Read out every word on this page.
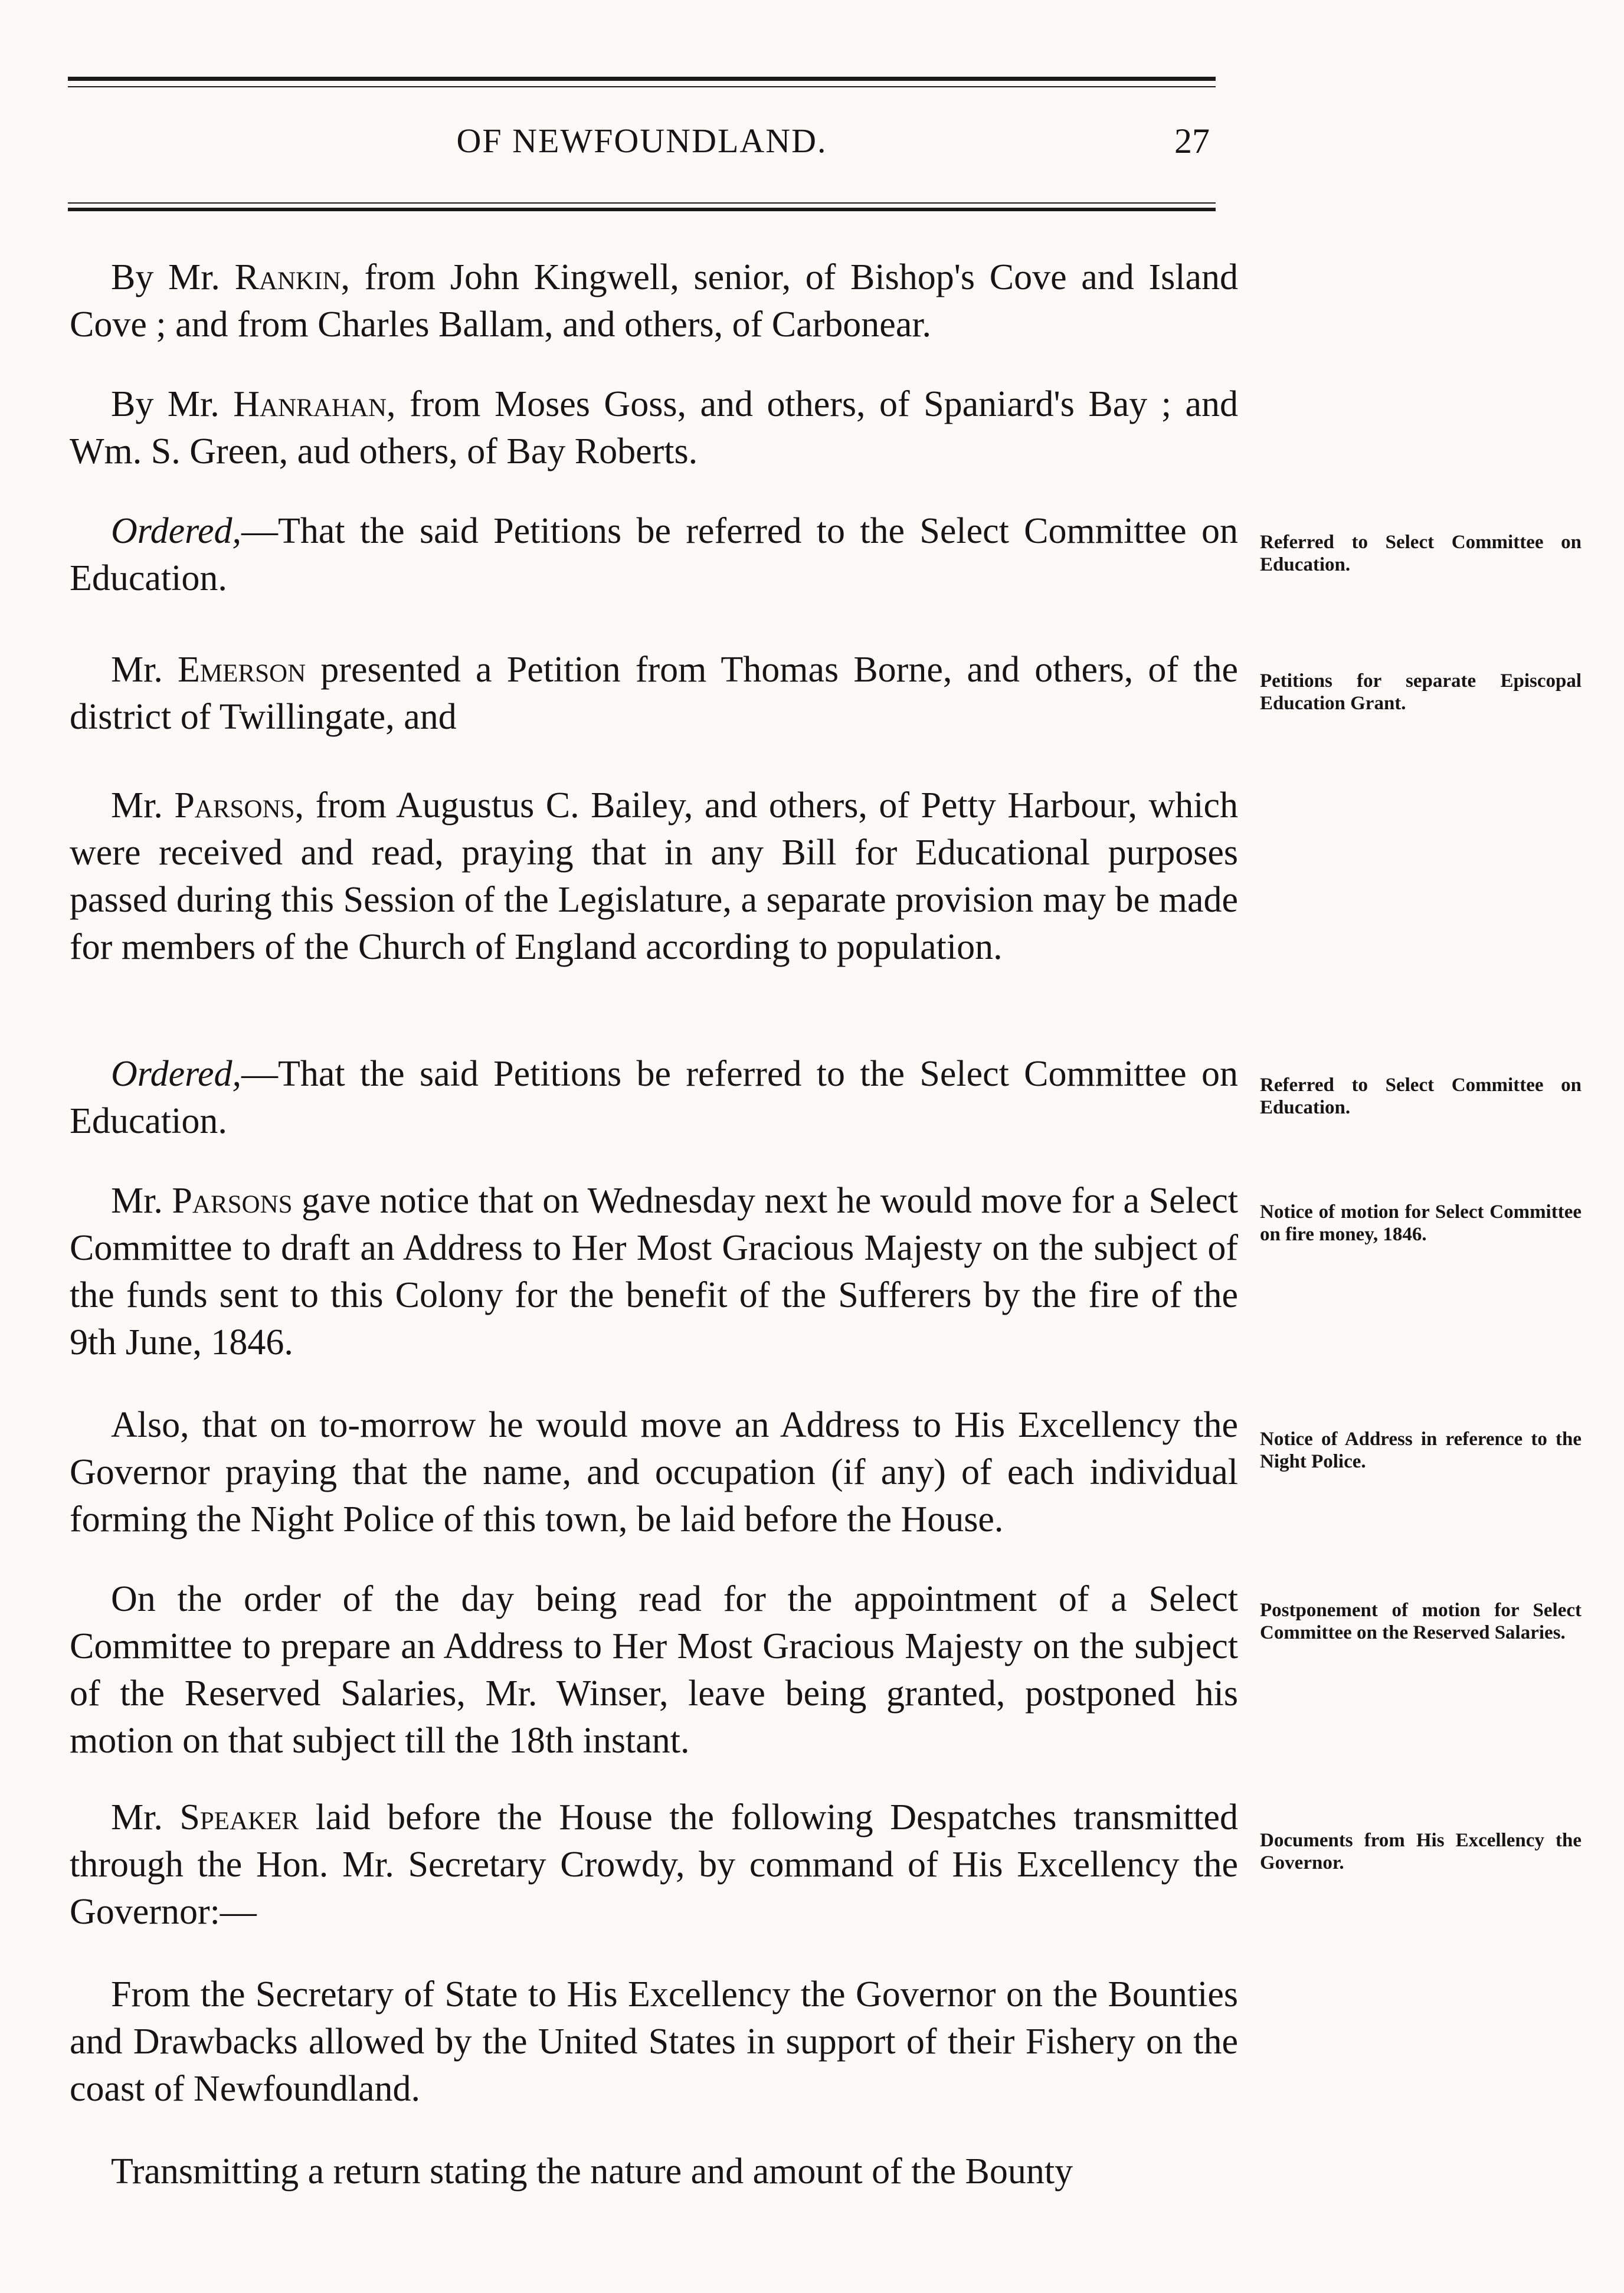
OF NEWFOUNDLAND.	27

By Mr. Rankin, from John Kingwell, senior, of Bishop's Cove and Island Cove ; and from Charles Ballam, and others, of Carbonear.

By Mr. Hanrahan, from Moses Goss, and others, of Spaniard's Bay ; and Wm. S. Green, aud others, of Bay Roberts.

Ordered,—That the said Petitions be referred to the Select Committee on Education.

Mr. Emerson presented a Petition from Thomas Borne, and others, of the district of Twillingate, and

Mr. Parsons, from Augustus C. Bailey, and others, of Petty Harbour, which were received and read, praying that in any Bill for Educational purposes passed during this Session of the Legislature, a separate provision may be made for members of the Church of England according to population.

Ordered,—That the said Petitions be referred to the Select Committee on Education.

Mr. Parsons gave notice that on Wednesday next he would move for a Select Committee to draft an Address to Her Most Gracious Majesty on the subject of the funds sent to this Colony for the benefit of the Sufferers by the fire of the 9th June, 1846.

Also, that on to-morrow he would move an Address to His Excellency the Governor praying that the name, and occupation (if any) of each individual forming the Night Police of this town, be laid before the House.

On the order of the day being read for the appointment of a Select Committee to prepare an Address to Her Most Gracious Majesty on the subject of the Reserved Salaries, Mr. Winser, leave being granted, postponed his motion on that subject till the 18th instant.

Mr. Speaker laid before the House the following Despatches transmitted through the Hon. Mr. Secretary Crowdy, by command of His Excellency the Governor:—

From the Secretary of State to His Excellency the Governor on the Bounties and Drawbacks allowed by the United States in support of their Fishery on the coast of Newfoundland.

Transmitting a return stating the nature and amount of the Bounty

Referred to Select Committee on Education.

Petitions for separate Episcopal Education Grant.

Referred to Select Committee on Education.

Notice of motion for Select Committee on fire money, 1846.

Notice of Address in reference to the Night Police.

Postponement of motion for Select Committee on the Reserved Salaries.

Documents from His Excellency the Governor.
